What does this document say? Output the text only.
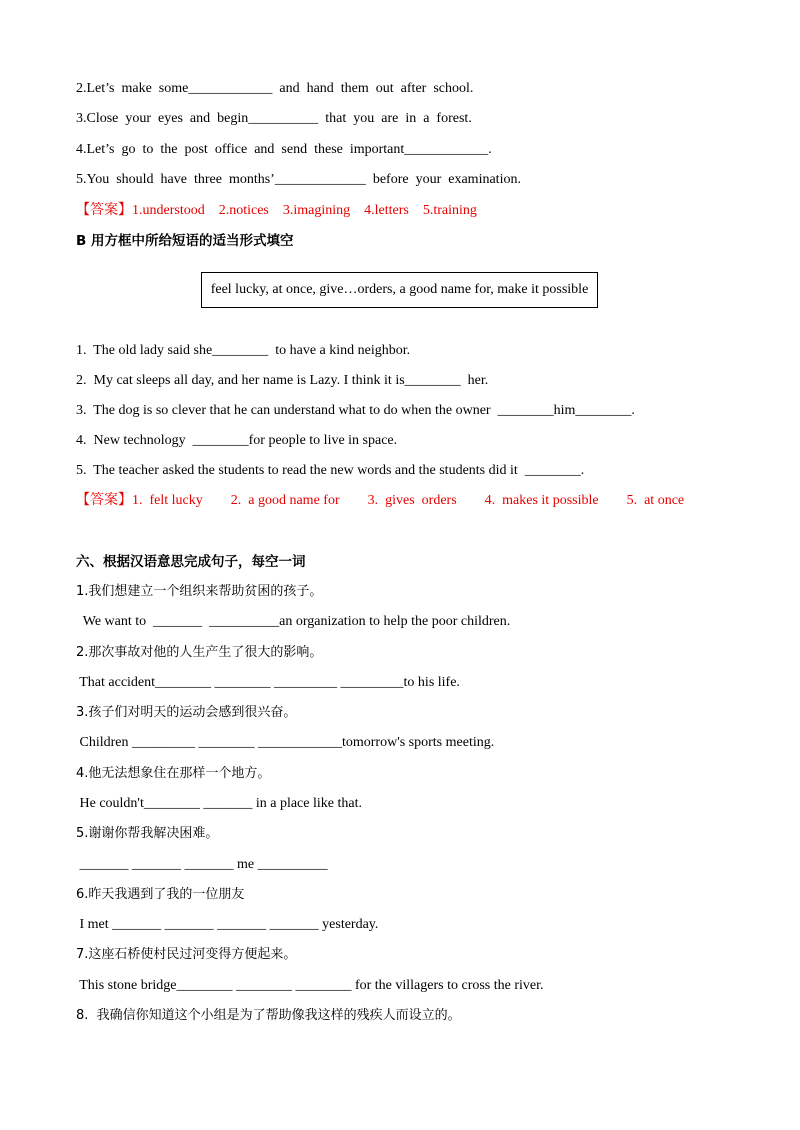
2.Let’s  make  some____________  and  hand  them  out  after  school.
3.Close  your  eyes  and  begin__________  that  you  are  in  a  forest.
4.Let’s  go  to  the  post  office  and  send  these  important____________.
5.You  should  have  three  months’_____________  before  your  examination.
【答案】1.understood    2.notices    3.imagining    4.letters    5.training
B 用方框中所给短语的适当形式填空
feel lucky, at once, give…orders, a good name for, make it possible
1.  The old lady said she________  to have a kind neighbor.
2.  My cat sleeps all day, and her name is Lazy. I think it is________  her.
3.  The dog is so clever that he can understand what to do when the owner  ________him________.
4.  New technology  ________for people to live in space.
5.  The teacher asked the students to read the new words and the students did it  ________.
【答案】1.  felt lucky        2.  a good name for        3.  gives  orders        4.  makes it possible        5.  at once
六、根据汉语意思完成句子，每空一词
1.我们想建立一个组织来帮助贫困的孩子。
We want to  _______  __________an organization to help the poor children.
2.那次事故对他的人生产生了很大的影响。
That accident________ ________ _________ _________to his life.
3.孩子们对明天的运动会感到很兴奋。
Children _________ ________ ____________tomorrow's sports meeting.
4.他无法想象住在那样一个地方。
He couldn't________ _______ in a place like that.
5.谢谢你帮我解决困难。
_______ _______ _______ me __________
6.昨天我遇到了我的一位朋友
I met _______ _______ _______ _______ yesterday.
7.这座石桥使村民过河变得方便起来。
This stone bridge________ ________ ________ for the villagers to cross the river.
8.  我确信你知道这个小组是为了帮助像我这样的残疾人而设立的。
